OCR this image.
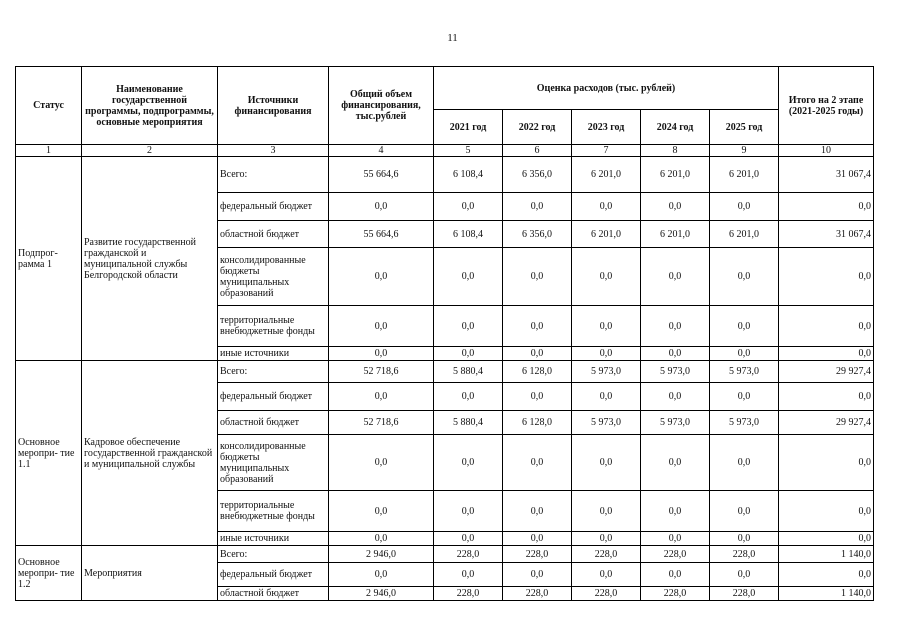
11
Статус	Наименование государственной программы, подпрограммы, основные мероприятия	Источники финансирования	Общий объем финансирования, тыс.рублей	Оценка расходов (тыс. рублей)					Итого на 2 этапе (2021-2025 годы)
				2021 год	2022 год	2023 год	2024 год	2025 год	
1	2	3	4	5	6	7	8	9	10
Подпрог- рамма 1	Развитие государственной гражданской и муниципальной службы Белгородской области	Всего:	55 664,6	6 108,4	6 356,0	6 201,0	6 201,0	6 201,0	31 067,4
		федеральный бюджет	0,0	0,0	0,0	0,0	0,0	0,0	0,0
		областной бюджет	55 664,6	6 108,4	6 356,0	6 201,0	6 201,0	6 201,0	31 067,4
		консолидированные бюджеты муниципальных образований	0,0	0,0	0,0	0,0	0,0	0,0	0,0
		территориальные внебюджетные фонды	0,0	0,0	0,0	0,0	0,0	0,0	0,0
		иные источники	0,0	0,0	0,0	0,0	0,0	0,0	0,0
Основное меропри- тие 1.1	Кадровое обеспечение государственной гражданской и муниципальной службы	Всего:	52 718,6	5 880,4	6 128,0	5 973,0	5 973,0	5 973,0	29 927,4
		федеральный бюджет	0,0	0,0	0,0	0,0	0,0	0,0	0,0
		областной бюджет	52 718,6	5 880,4	6 128,0	5 973,0	5 973,0	5 973,0	29 927,4
		консолидированные бюджеты муниципальных образований	0,0	0,0	0,0	0,0	0,0	0,0	0,0
		территориальные внебюджетные фонды	0,0	0,0	0,0	0,0	0,0	0,0	0,0
		иные источники	0,0	0,0	0,0	0,0	0,0	0,0	0,0
Основное меропри- тие 1.2	Мероприятия	Всего:	2 946,0	228,0	228,0	228,0	228,0	228,0	1 140,0
		федеральный бюджет	0,0	0,0	0,0	0,0	0,0	0,0	0,0
		областной бюджет	2 946,0	228,0	228,0	228,0	228,0	228,0	1 140,0
